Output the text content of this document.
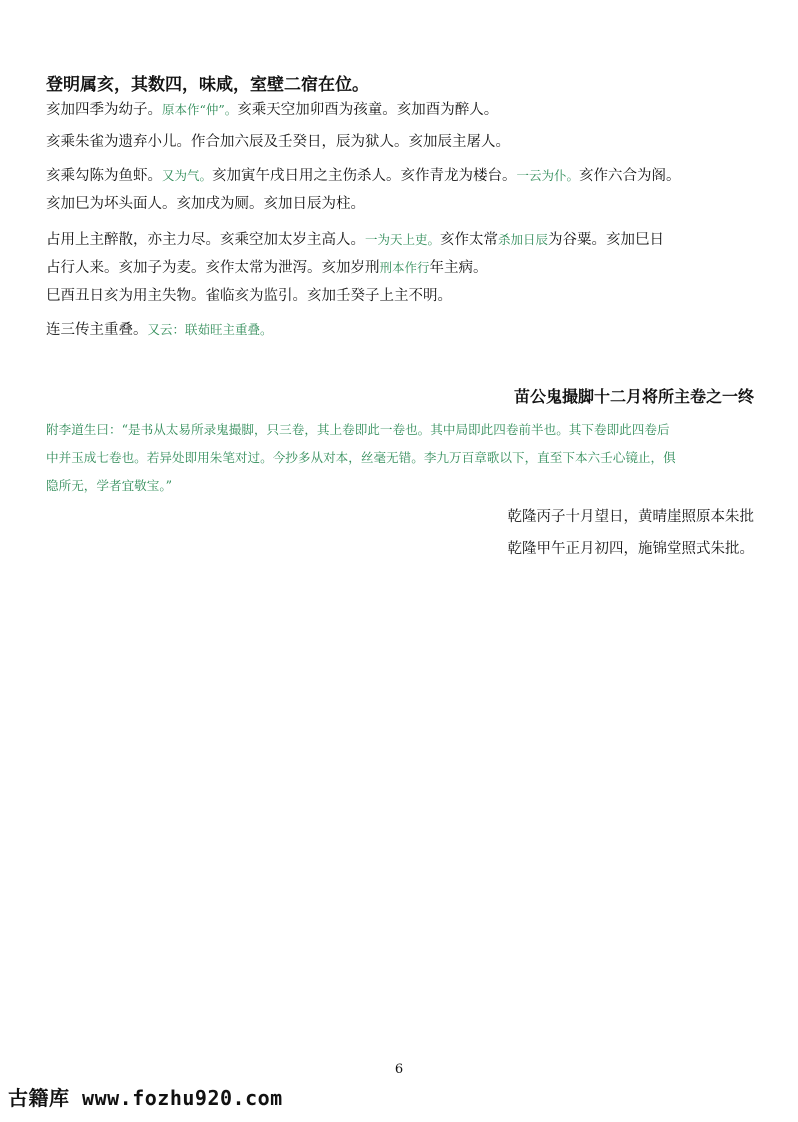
登明属亥，其数四，味咸，室壁二宿在位。
亥加四季为幼子。原本作“仲”。亥乘天空加卯酉为孩童。亥加酉为醉人。
亥乘朱雀为遗弃小儿。作合加六辰及壬癸日，辰为狱人。亥加辰主屠人。
亥乘勾陈为鱼虾。又为气。亥加寅午戌日用之主伤杀人。亥作青龙为楼台。一云为仆。亥作六合为阁。
亥加巳为坏头面人。亥加戌为厕。亥加日辰为柱。
占用上主醉散，亦主力尽。亥乘空加太岁主高人。一为天上吏。亥作太常杀加日辰为谷粟。亥加巳日
占行人来。亥加子为麦。亥作太常为泄泻。亥加岁刑刑本作行年主病。
巳酉丑日亥为用主失物。雀临亥为监引。亥加壬癸子上主不明。
连三传主重叠。又云：联茹旺主重叠。
苗公鬼撮脚十二月将所主卷之一终
附李道生曰：“是书从太易所录鬼撮脚，只三卷，其上卷即此一卷也。其中局即此四卷前半也。其下卷即此四卷后
中并玉成七卷也。若异处即用朱笔对过。今抄多从对本，丝毫无错。李九万百章歌以下，直至下本六壬心镜止，俱
隐所无，学者宜敬宝。”
乾隆丙子十月望日，黄晴崖照原本朱批
乾隆甲午正月初四，施锦堂照式朱批。
6
古籍库 www.fozhu920.com
